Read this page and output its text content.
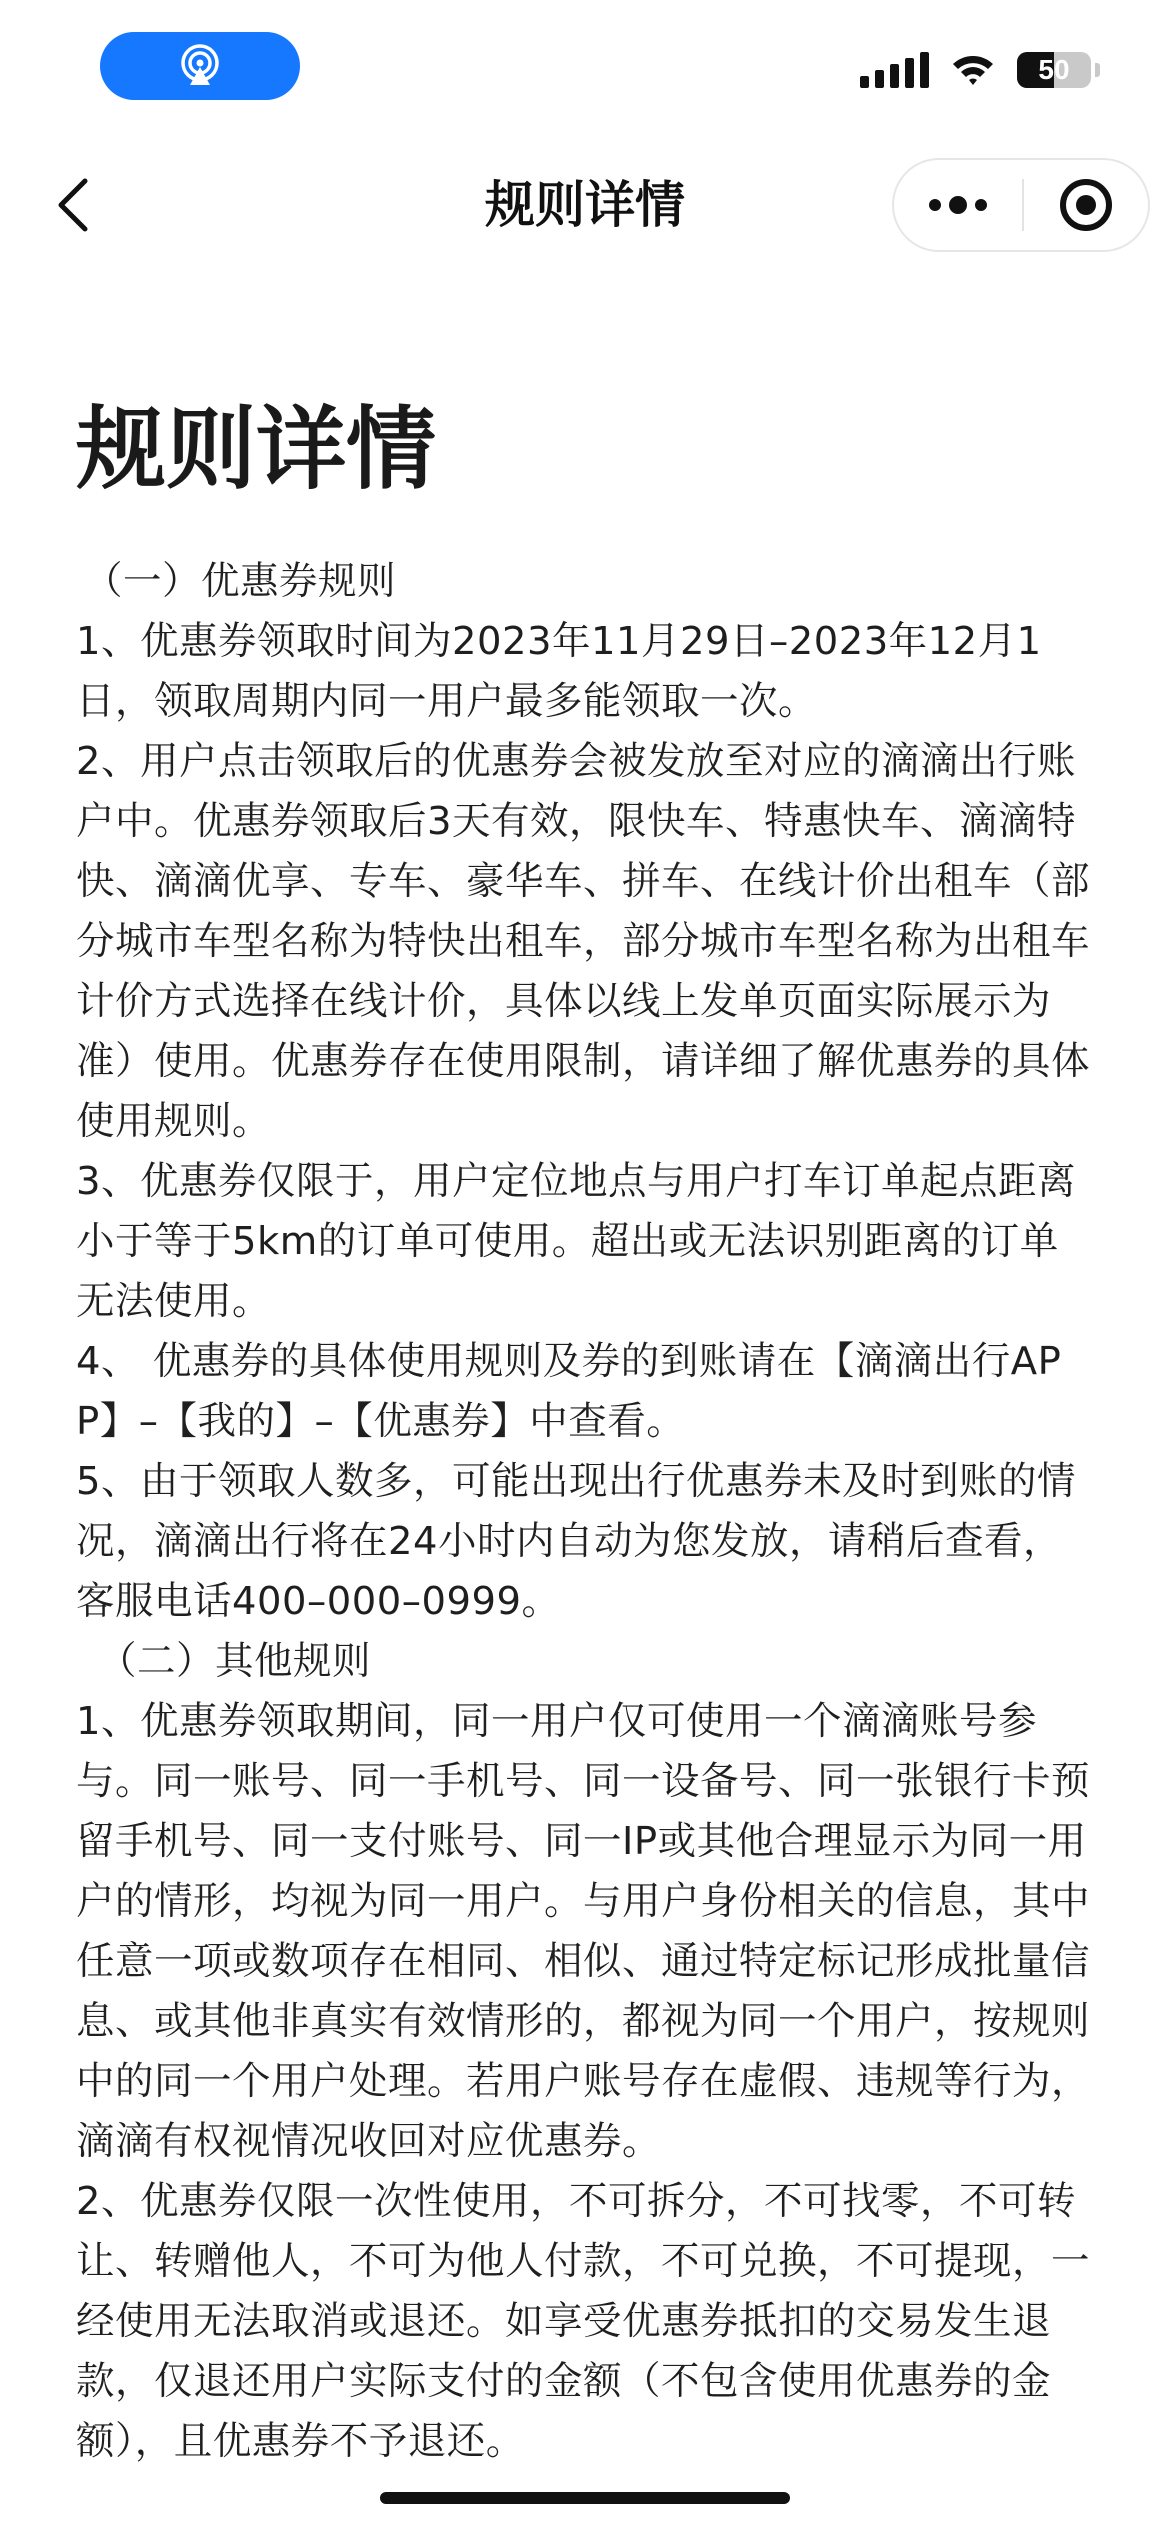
50
规则详情
规则详情

（一）优惠券规则

1、优惠券领取时间为2023年11月29日–2023年12月1日，领取周期内同一用户最多能领取一次。

2、用户点击领取后的优惠券会被发放至对应的滴滴出行账户中。优惠券领取后3天有效，限快车、特惠快车、滴滴特快、滴滴优享、专车、豪华车、拼车、在线计价出租车（部分城市车型名称为特快出租车，部分城市车型名称为出租车计价方式选择在线计价，具体以线上发单页面实际展示为准）使用。优惠券存在使用限制，请详细了解优惠券的具体使用规则。

3、优惠券仅限于，用户定位地点与用户打车订单起点距离小于等于5km的订单可使用。超出或无法识别距离的订单无法使用。

4、 优惠券的具体使用规则及券的到账请在【滴滴出行APP】–【我的】–【优惠券】中查看。

5、由于领取人数多，可能出现出行优惠券未及时到账的情况，滴滴出行将在24小时内自动为您发放，请稍后查看，客服电话400–000–0999。

（二）其他规则

1、优惠券领取期间，同一用户仅可使用一个滴滴账号参与。同一账号、同一手机号、同一设备号、同一张银行卡预留手机号、同一支付账号、同一IP或其他合理显示为同一用户的情形，均视为同一用户。与用户身份相关的信息，其中任意一项或数项存在相同、相似、通过特定标记形成批量信息、或其他非真实有效情形的，都视为同一个用户，按规则中的同一个用户处理。若用户账号存在虚假、违规等行为，滴滴有权视情况收回对应优惠券。

2、优惠券仅限一次性使用，不可拆分，不可找零，不可转让、转赠他人，不可为他人付款，不可兑换，不可提现，一经使用无法取消或退还。如享受优惠券抵扣的交易发生退款，仅退还用户实际支付的金额（不包含使用优惠券的金额），且优惠券不予退还。
